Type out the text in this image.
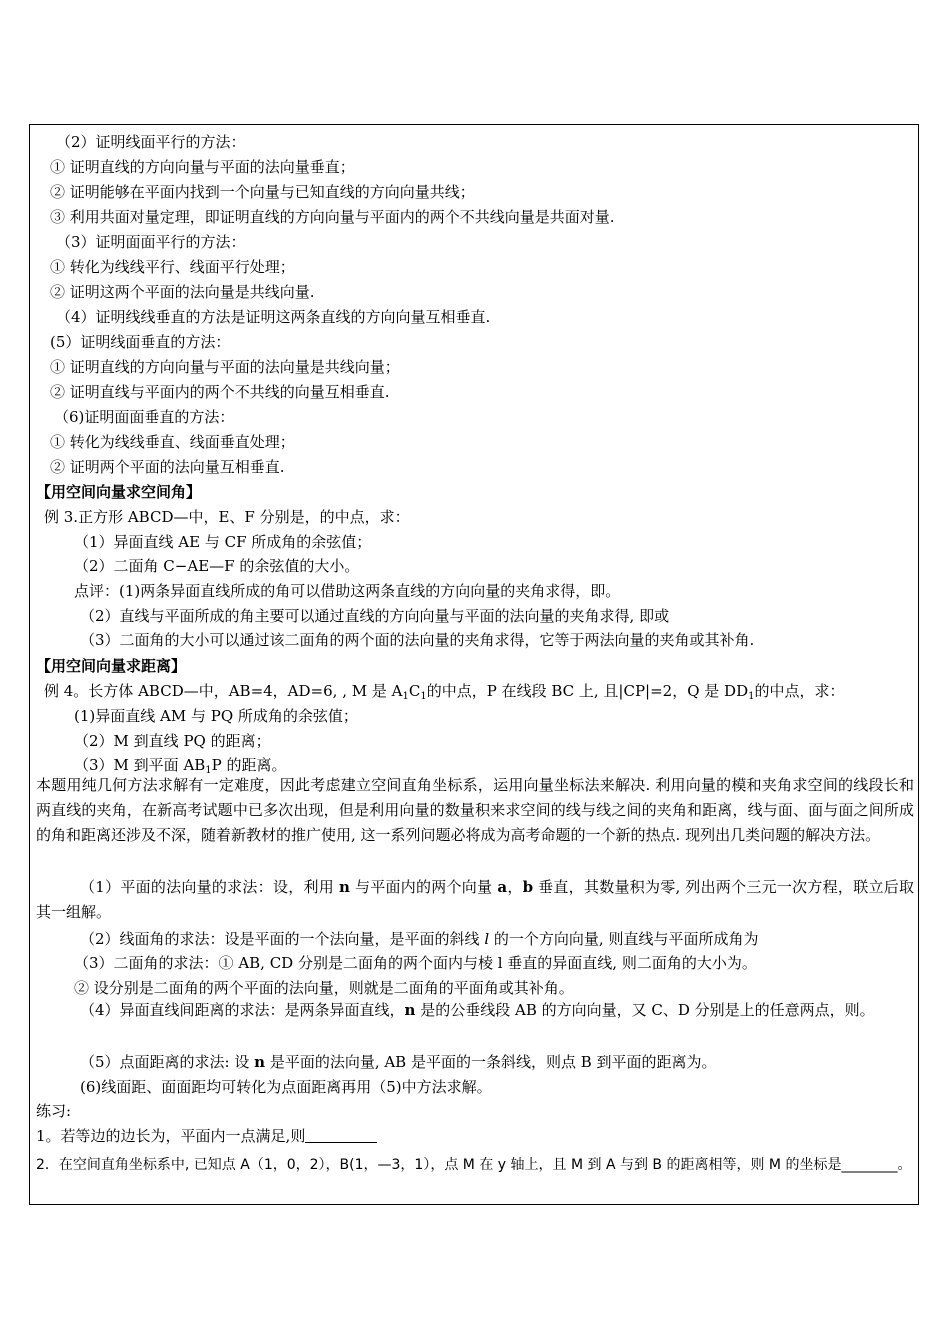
（2）证明线面平行的方法：
① 证明直线的方向向量与平面的法向量垂直；
② 证明能够在平面内找到一个向量与已知直线的方向向量共线；
③ 利用共面对量定理，即证明直线的方向向量与平面内的两个不共线向量是共面对量.
（3）证明面面平行的方法：
① 转化为线线平行、线面平行处理；
② 证明这两个平面的法向量是共线向量.
（4）证明线线垂直的方法是证明这两条直线的方向向量互相垂直.
(5）证明线面垂直的方法：
① 证明直线的方向向量与平面的法向量是共线向量；
② 证明直线与平面内的两个不共线的向量互相垂直.
（6)证明面面垂直的方法：
① 转化为线线垂直、线面垂直处理；
② 证明两个平面的法向量互相垂直.
【用空间向量求空间角】
例 3.正方形 ABCD—中，E、F 分别是，的中点，求：
（1）异面直线 AE 与 CF 所成角的余弦值；
（2）二面角 C−AE—F 的余弦值的大小。
点评：(1)两条异面直线所成的角可以借助这两条直线的方向向量的夹角求得，即。
（2）直线与平面所成的角主要可以通过直线的方向向量与平面的法向量的夹角求得, 即或
（3）二面角的大小可以通过该二面角的两个面的法向量的夹角求得，它等于两法向量的夹角或其补角.
【用空间向量求距离】
例 4。长方体 ABCD—中，AB=4，AD=6, , M 是 $A_1C_1$的中点，P 在线段 BC 上, 且|CP|=2，Q 是 $DD_1$的中点，求：
(1)异面直线 AM 与 PQ 所成角的余弦值；
（2）M 到直线 PQ 的距离；
（3）M 到平面 $AB_1P$ 的距离。
本题用纯几何方法求解有一定难度，因此考虑建立空间直角坐标系，运用向量坐标法来解决. 利用向量的模和夹角求空间的线段长和两直线的夹角，在新高考试题中已多次出现，但是利用向量的数量积来求空间的线与线之间的夹角和距离，线与面、面与面之间所成的角和距离还涉及不深，随着新教材的推广使用, 这一系列问题必将成为高考命题的一个新的热点. 现列出几类问题的解决方法。
（1）平面的法向量的求法：设，利用 n 与平面内的两个向量 a，b 垂直，其数量积为零, 列出两个三元一次方程，联立后取其一组解。
（2）线面角的求法：设是平面的一个法向量，是平面的斜线 l 的一个方向向量, 则直线与平面所成角为
（3）二面角的求法：① AB, CD 分别是二面角的两个面内与棱 l 垂直的异面直线, 则二面角的大小为。
② 设分别是二面角的两个平面的法向量，则就是二面角的平面角或其补角。
（4）异面直线间距离的求法：是两条异面直线，n 是的公垂线段 AB 的方向向量，又 C、D 分别是上的任意两点，则。
（5）点面距离的求法: 设 n 是平面的法向量, AB 是平面的一条斜线，则点 B 到平面的距离为。
(6)线面距、面面距均可转化为点面距离再用（5)中方法求解。
练习:
1。若等边的边长为，平面内一点满足,则
2．在空间直角坐标系中, 已知点 A（1，0，2），B(1，—3，1），点 M 在 y 轴上，且 M 到 A 与到 B 的距离相等，则 M 的坐标是________。
